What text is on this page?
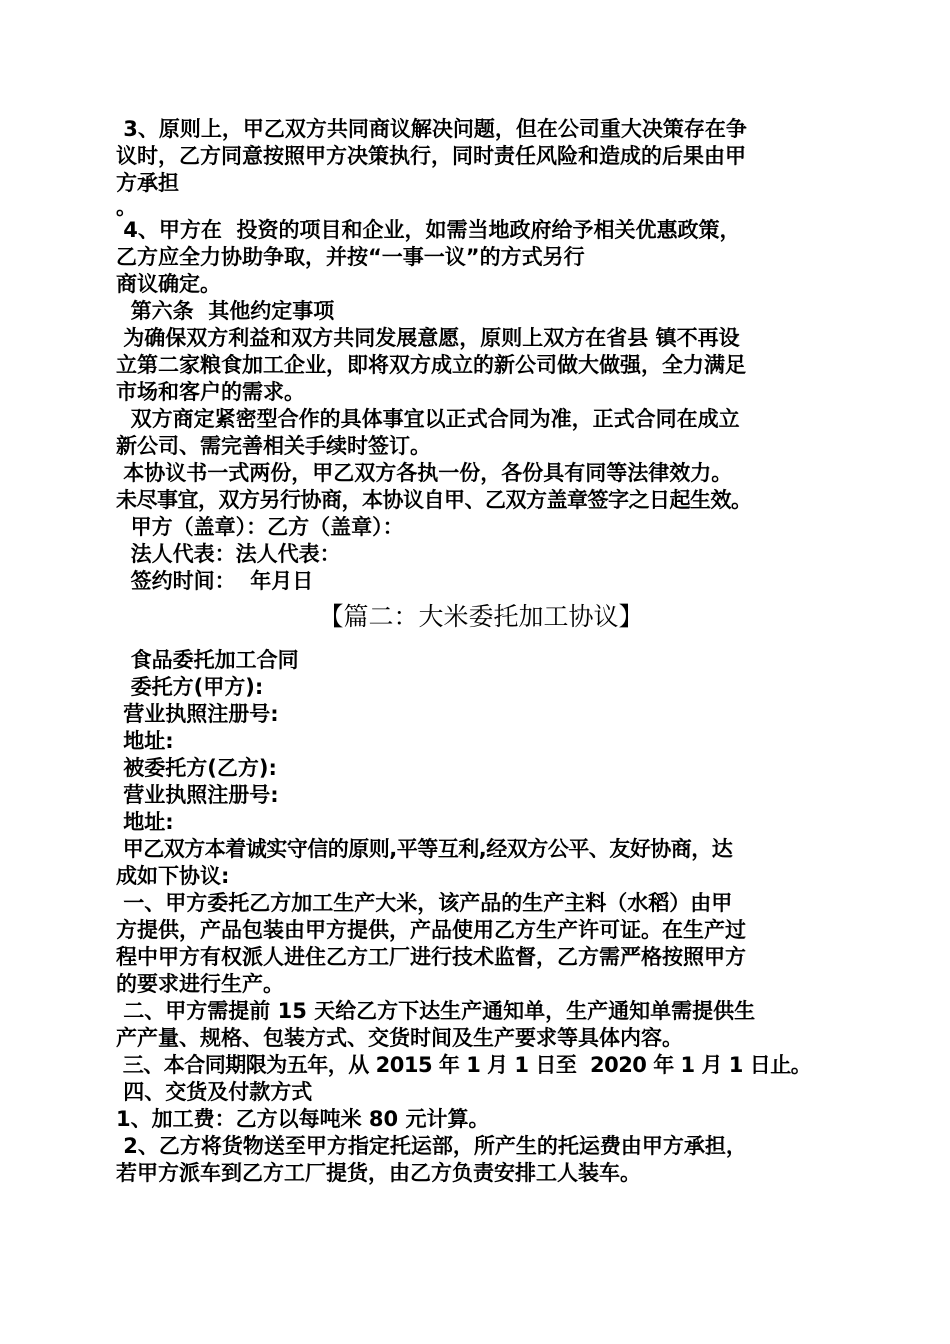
3、原则上，甲乙双方共同商议解决问题，但在公司重大决策存在争
议时，乙方同意按照甲方决策执行，同时责任风险和造成的后果由甲
方承担
。
4、甲方在  投资的项目和企业，如需当地政府给予相关优惠政策，
乙方应全力协助争取，并按“一事一议”的方式另行
商议确定。
第六条  其他约定事项
为确保双方利益和双方共同发展意愿，原则上双方在省县 镇不再设
立第二家粮食加工企业，即将双方成立的新公司做大做强，全力满足
市场和客户的需求。
双方商定紧密型合作的具体事宜以正式合同为准，正式合同在成立
新公司、需完善相关手续时签订。
本协议书一式两份，甲乙双方各执一份，各份具有同等法律效力。
未尽事宜，双方另行协商，本协议自甲、乙双方盖章签字之日起生效。
甲方（盖章）：乙方（盖章）：
法人代表：法人代表：
签约时间：  年月日
【篇二：大米委托加工协议】
食品委托加工合同
委托方(甲方):
营业执照注册号:
地址:
被委托方(乙方):
营业执照注册号:
地址:
甲乙双方本着诚实守信的原则,平等互利,经双方公平、友好协商，达
成如下协议:
一、甲方委托乙方加工生产大米，该产品的生产主料（水稻）由甲
方提供，产品包装由甲方提供，产品使用乙方生产许可证。在生产过
程中甲方有权派人进住乙方工厂进行技术监督，乙方需严格按照甲方
的要求进行生产。
二、甲方需提前 15 天给乙方下达生产通知单，生产通知单需提供生
产产量、规格、包装方式、交货时间及生产要求等具体内容。
三、本合同期限为五年，从 2015 年 1 月 1 日至  2020 年 1 月 1 日止。
四、交货及付款方式
1、加工费：乙方以每吨米 80 元计算。
2、乙方将货物送至甲方指定托运部，所产生的托运费由甲方承担，
若甲方派车到乙方工厂提货，由乙方负责安排工人装车。
